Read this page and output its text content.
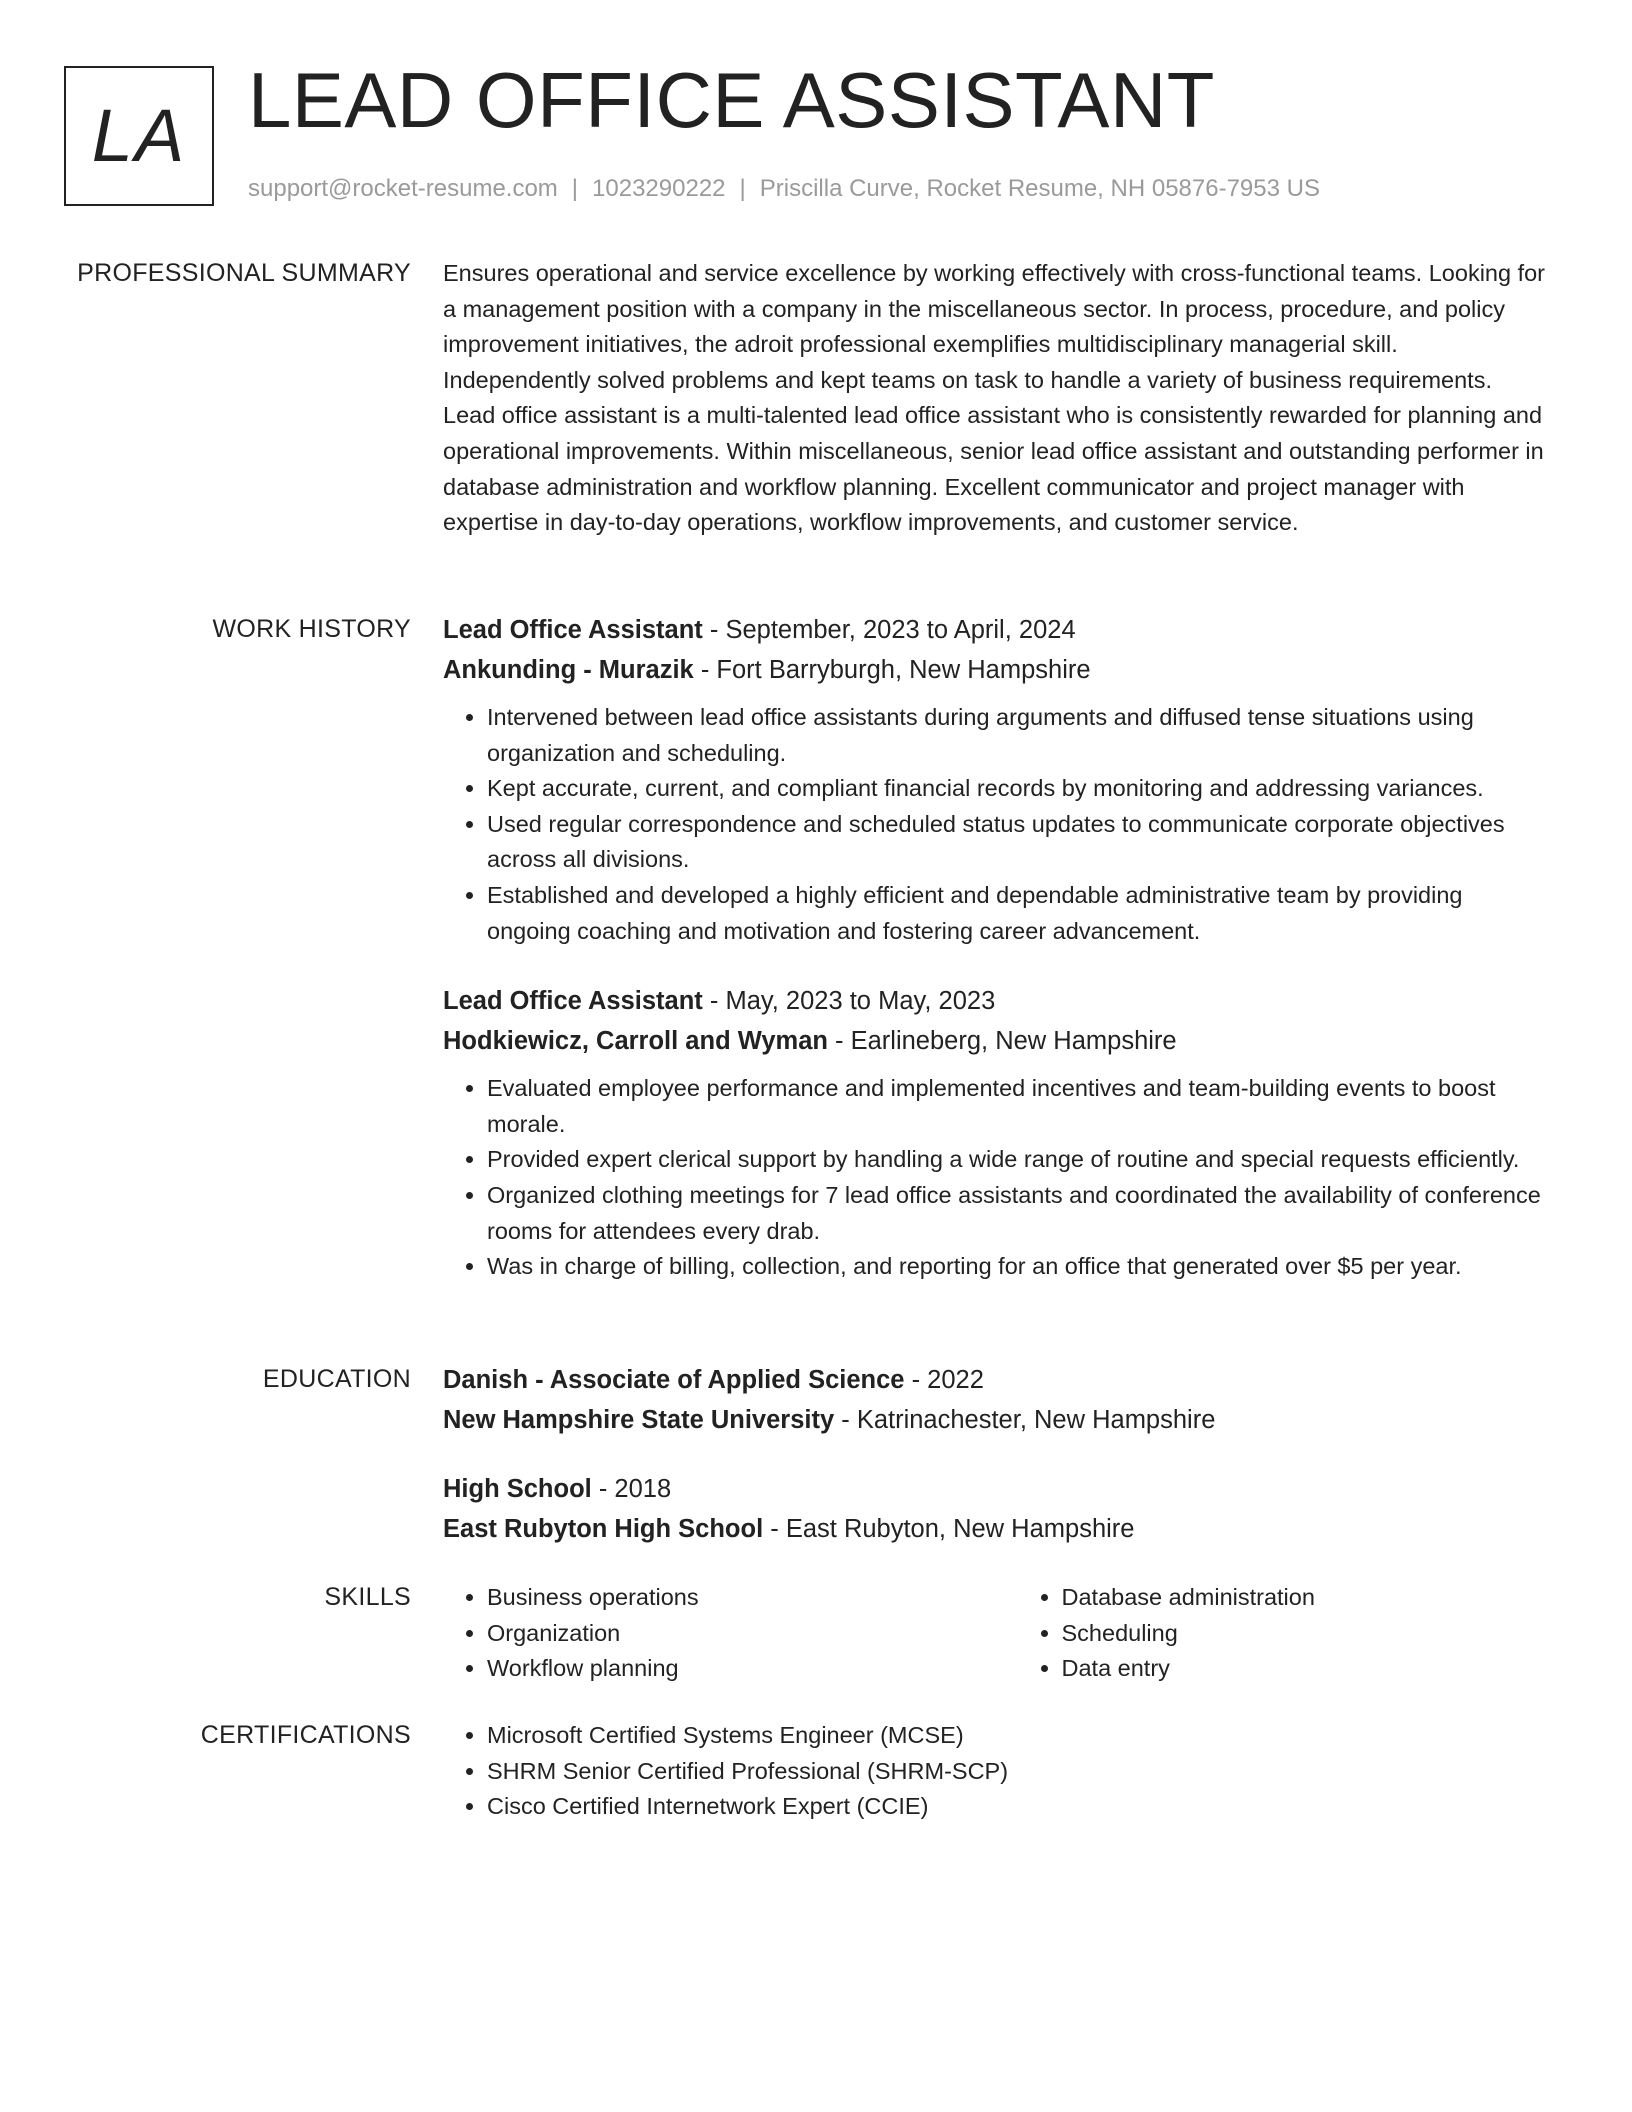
LA LEAD OFFICE ASSISTANT
support@rocket-resume.com | 1023290222 | Priscilla Curve, Rocket Resume, NH 05876-7953 US
PROFESSIONAL SUMMARY Ensures operational and service excellence by working effectively with cross-functional teams. Looking for a management position with a company in the miscellaneous sector. In process, procedure, and policy improvement initiatives, the adroit professional exemplifies multidisciplinary managerial skill. Independently solved problems and kept teams on task to handle a variety of business requirements. Lead office assistant is a multi-talented lead office assistant who is consistently rewarded for planning and operational improvements. Within miscellaneous, senior lead office assistant and outstanding performer in database administration and workflow planning. Excellent communicator and project manager with expertise in day-to-day operations, workflow improvements, and customer service.

WORK HISTORY Lead Office Assistant - September, 2023 to April, 2024
Ankunding - Murazik - Fort Barryburgh, New Hampshire
• Intervened between lead office assistants during arguments and diffused tense situations using organization and scheduling.
• Kept accurate, current, and compliant financial records by monitoring and addressing variances.
• Used regular correspondence and scheduled status updates to communicate corporate objectives across all divisions.
• Established and developed a highly efficient and dependable administrative team by providing ongoing coaching and motivation and fostering career advancement.
Lead Office Assistant - May, 2023 to May, 2023
Hodkiewicz, Carroll and Wyman - Earlineberg, New Hampshire
• Evaluated employee performance and implemented incentives and team-building events to boost morale.
• Provided expert clerical support by handling a wide range of routine and special requests efficiently.
• Organized clothing meetings for 7 lead office assistants and coordinated the availability of conference rooms for attendees every drab.
• Was in charge of billing, collection, and reporting for an office that generated over $5 per year.
EDUCATION Danish - Associate of Applied Science - 2022
New Hampshire State University - Katrinachester, New Hampshire
High School - 2018
East Rubyton High School - East Rubyton, New Hampshire
SKILLS	• Business operations
• Organization
• Workflow planning
• Database administration
• Scheduling
• Data entry
CERTIFICATIONS	• Microsoft Certified Systems Engineer (MCSE)
• SHRM Senior Certified Professional (SHRM-SCP)
• Cisco Certified Internetwork Expert (CCIE)
